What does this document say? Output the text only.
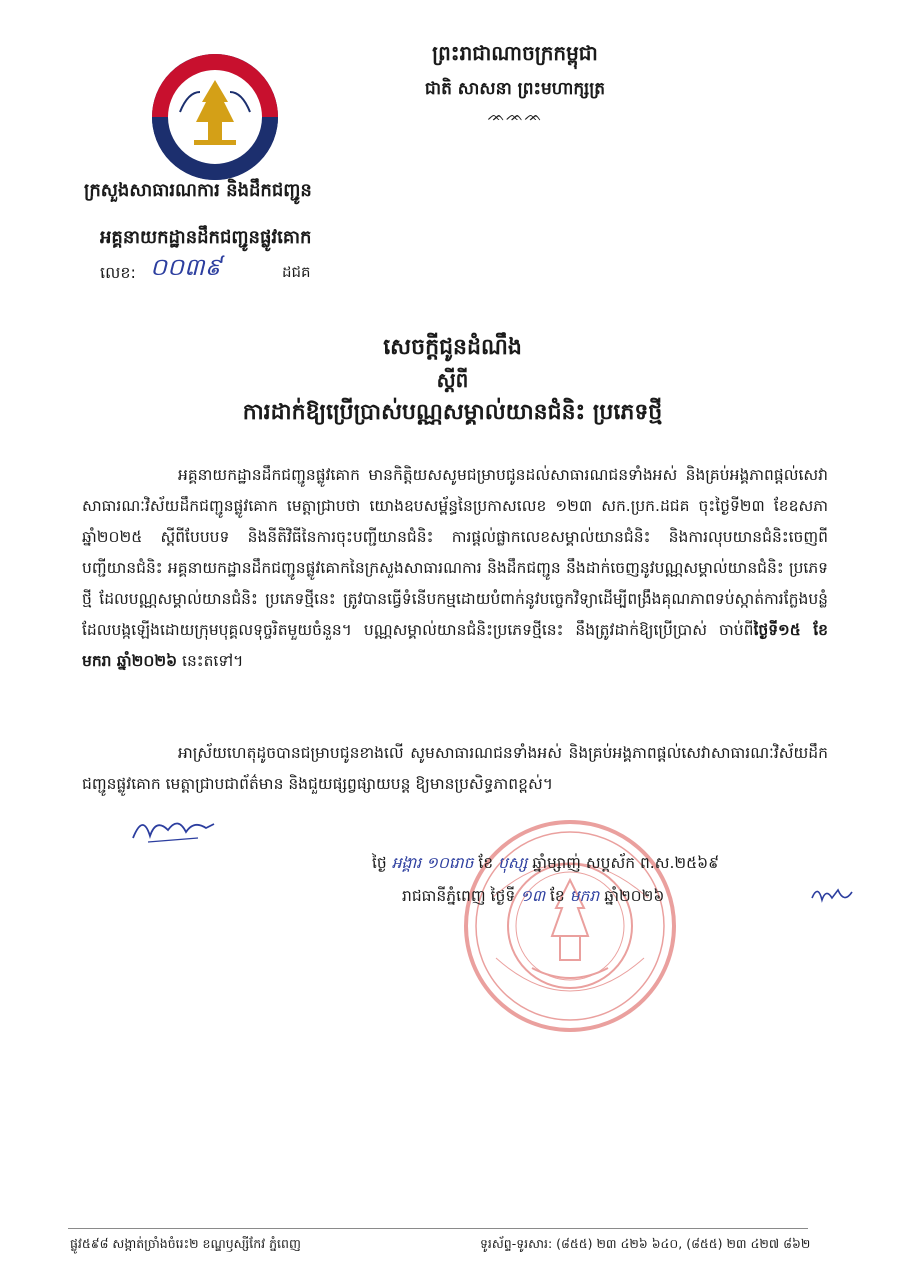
ព្រះរាជាណាចក្រកម្ពុជា
ជាតិ សាសនា ព្រះមហាក្សត្រ
ᨏᨏᨏ
ក្រសួងសាធារណការ និងដឹកជញ្ជូន
អគ្គនាយកដ្ឋានដឹកជញ្ជូនផ្លូវគោក
លេខ: ០០៣៩	ដជគ
សេចក្តីជូនដំណឹង
ស្តីពី
ការដាក់ឱ្យប្រើប្រាស់បណ្ណសម្គាល់យានជំនិះ ប្រភេទថ្មី
អគ្គនាយកដ្ឋានដឹកជញ្ជូនផ្លូវគោក មានកិត្តិយសសូមជម្រាបជូនដល់សាធារណជនទាំងអស់ និងគ្រប់អង្គភាពផ្តល់សេវាសាធារណៈវិស័យដឹកជញ្ជូនផ្លូវគោក មេត្តាជ្រាបថា យោងឧបសម្ព័ន្ធនៃប្រកាសលេខ ១២៣ សក.ប្រក.ដជគ ចុះថ្ងៃទី២៣ ខែឧសភា ឆ្នាំ២០២៥ ស្តីពីបែបបទ និងនីតិវិធីនៃការចុះបញ្ជីយានជំនិះ ការផ្តល់ផ្លាកលេខសម្គាល់យានជំនិះ និងការលុបយានជំនិះចេញពីបញ្ជីយានជំនិះ អគ្គនាយកដ្ឋានដឹកជញ្ជូនផ្លូវគោកនៃក្រសួងសាធារណការ និងដឹកជញ្ជូន នឹងដាក់ចេញនូវបណ្ណសម្គាល់យានជំនិះ ប្រភេទថ្មី ដែលបណ្ណសម្គាល់យានជំនិះ ប្រភេទថ្មីនេះ ត្រូវបានធ្វើទំនើបកម្មដោយបំពាក់នូវបច្ចេកវិទ្យាដើម្បីពង្រឹងគុណភាពទប់ស្កាត់ការក្លែងបន្លំ ដែលបង្កឡើងដោយក្រុមបុគ្គលទុច្ចរិតមួយចំនួន។ បណ្ណសម្គាល់យានជំនិះប្រភេទថ្មីនេះ នឹងត្រូវដាក់ឱ្យប្រើប្រាស់ ចាប់ពីថ្ងៃទី១៥ ខែមករា ឆ្នាំ២០២៦ នេះតទៅ។
អាស្រ័យហេតុដូចបានជម្រាបជូនខាងលើ សូមសាធារណជនទាំងអស់ និងគ្រប់អង្គភាពផ្តល់សេវាសាធារណៈវិស័យដឹកជញ្ជូនផ្លូវគោក មេត្តាជ្រាបជាព័ត៌មាន និងជួយផ្សព្វផ្សាយបន្ត ឱ្យមានប្រសិទ្ធភាពខ្ពស់។
ថ្ងៃ អង្គារ ១០រោច ខែ បុស្ស ឆ្នាំម្សាញ់ សប្តស័ក ព.ស.២៥៦៩
រាជធានីភ្នំពេញ ថ្ងៃទី ១៣ ខែ មករា ឆ្នាំ២០២៦
ផ្លូវ៥៩៨ សង្កាត់ច្រាំងចំរេះ២ ខណ្ឌឫស្សីកែវ ភ្នំពេញ	ទូរស័ព្ទ-ទូរសារ: (៨៥៥) ២៣ ៤២៦ ៦៤០, (៨៥៥) ២៣ ៤២៧ ៨៦២
